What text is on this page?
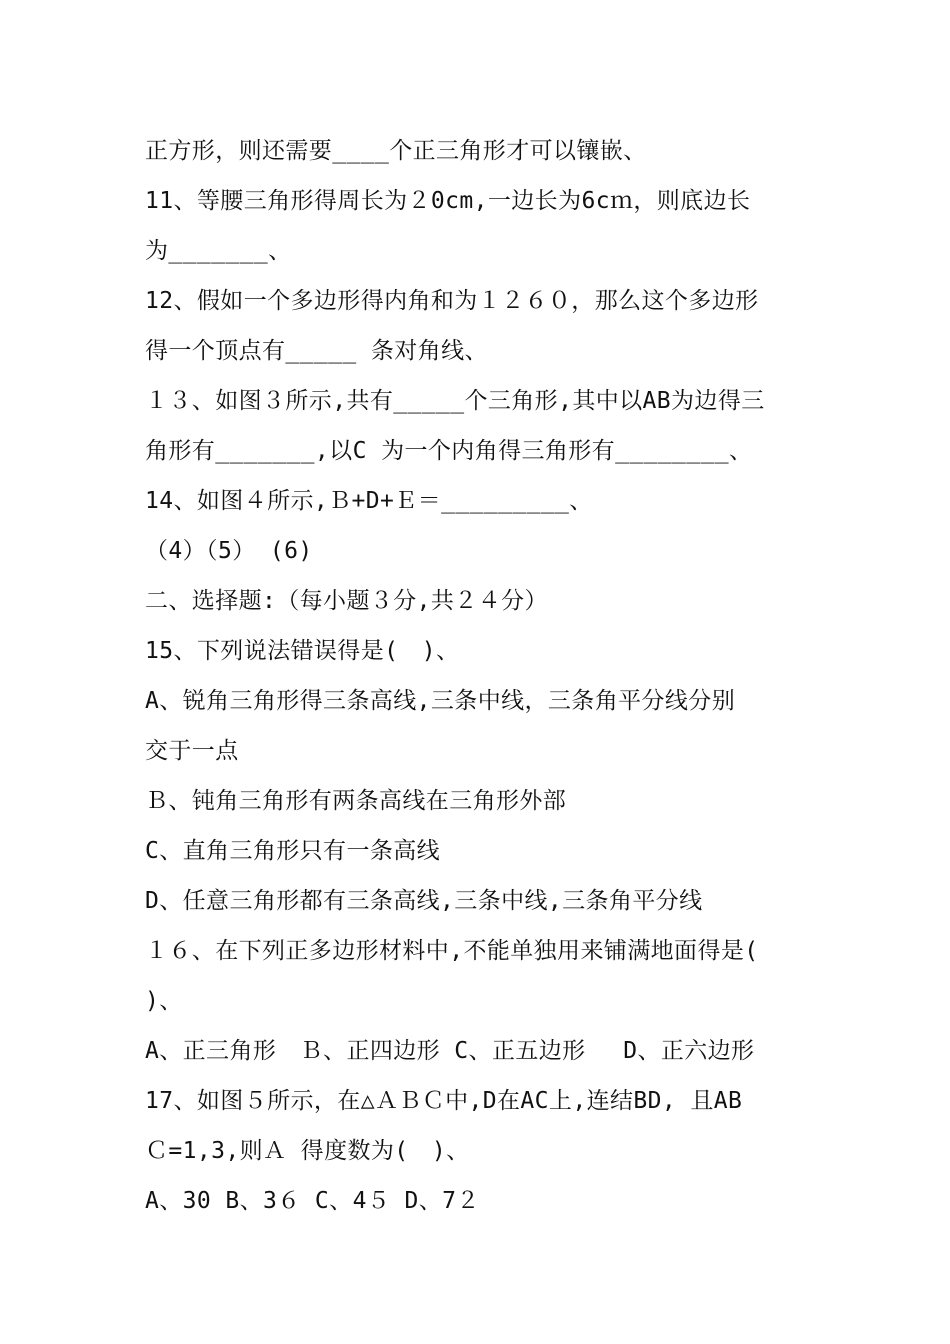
正方形，则还需要____个正三角形才可以镶嵌、
11、等腰三角形得周长为２0cm,一边长为6cｍ，则底边长
为_______、
12、假如一个多边形得内角和为１２６０，那么这个多边形
得一个顶点有_____ 条对角线、
１３、如图３所示,共有_____个三角形,其中以AB为边得三
角形有_______,以C 为一个内角得三角形有________、
14、如图４所示,Ｂ+D+Ｅ＝_________、
（4）（5） (6)
二、选择题:（每小题３分,共２４分）
15、下列说法错误得是(　)、
A、锐角三角形得三条高线,三条中线，三条角平分线分别
交于一点
Ｂ、钝角三角形有两条高线在三角形外部
C、直角三角形只有一条高线
D、任意三角形都有三条高线,三条中线,三条角平分线
１６、在下列正多边形材料中,不能单独用来铺满地面得是(
)、
A、正三角形　Ｂ、正四边形 C、正五边形　 D、正六边形
17、如图５所示，在△ＡＢＣ中,D在AC上,连结BD, 且AB
Ｃ=1,3,则Ａ 得度数为(　)、
A、30 B、3６ C、4５ D、7２
